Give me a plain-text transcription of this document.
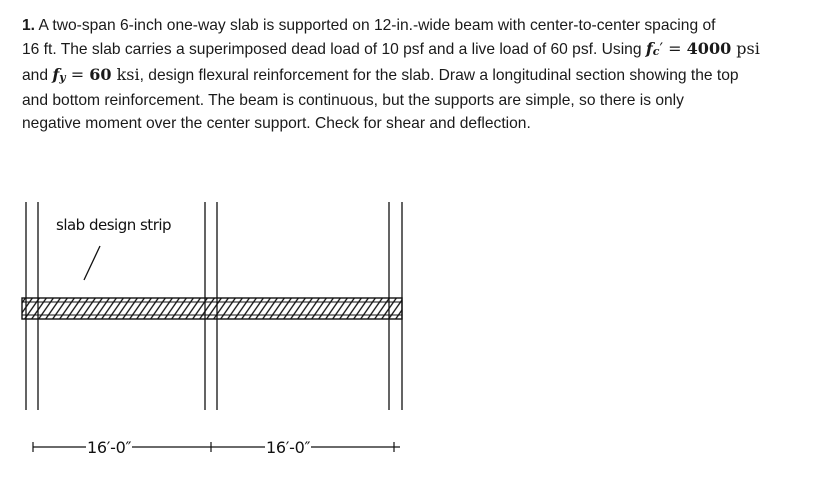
1. A two-span 6-inch one-way slab is supported on 12-in.-wide beam with center-to-center spacing of
16 ft. The slab carries a superimposed dead load of 10 psf and a live load of 60 psf. Using $f_c' = 4000$ psi
and $f_y = 60$ ksi, design flexural reinforcement for the slab. Draw a longitudinal section showing the top
and bottom reinforcement. The beam is continuous, but the supports are simple, so there is only
negative moment over the center support. Check for shear and deflection.
slab design strip
16′-0″	16′-0″
